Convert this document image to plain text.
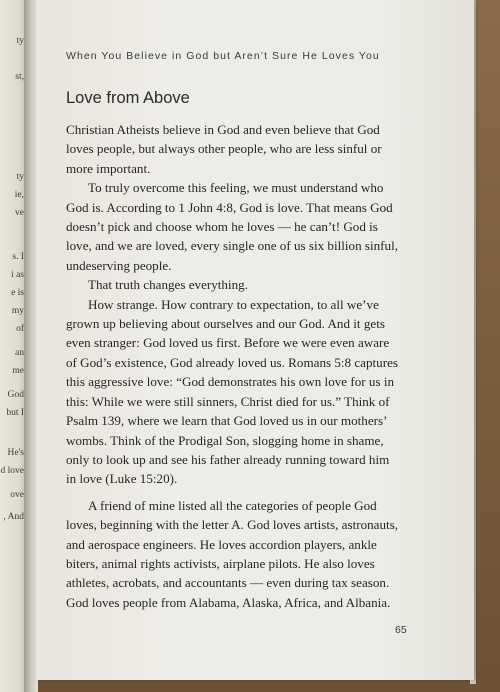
ty
st,
ty
ie,
ve
s. I
i as
e is
my
of
an
me
God
but I
He's
d love
ove
, And
When You Believe in God but Aren’t Sure He Loves You
Love from Above

Christian Atheists believe in God and even believe that God

loves people, but always other people, who are less sinful or

more important.

To truly overcome this feeling, we must understand who

God is. According to 1 John 4:8, God is love. That means God

doesn’t pick and choose whom he loves — he can’t! God is

love, and we are loved, every single one of us six billion sinful,

undeserving people.

That truth changes everything.

How strange. How contrary to expectation, to all we’ve

grown up believing about ourselves and our God. And it gets

even stranger: God loved us first. Before we were even aware

of God’s existence, God already loved us. Romans 5:8 captures

this aggressive love: “God demonstrates his own love for us in

this: While we were still sinners, Christ died for us.” Think of

Psalm 139, where we learn that God loved us in our mothers’

wombs. Think of the Prodigal Son, slogging home in shame,

only to look up and see his father already running toward him

in love (Luke 15:20).

A friend of mine listed all the categories of people God

loves, beginning with the letter A. God loves artists, astronauts,

and aerospace engineers. He loves accordion players, ankle

biters, animal rights activists, airplane pilots. He also loves

athletes, acrobats, and accountants — even during tax season.

God loves people from Alabama, Alaska, Africa, and Albania.

65
